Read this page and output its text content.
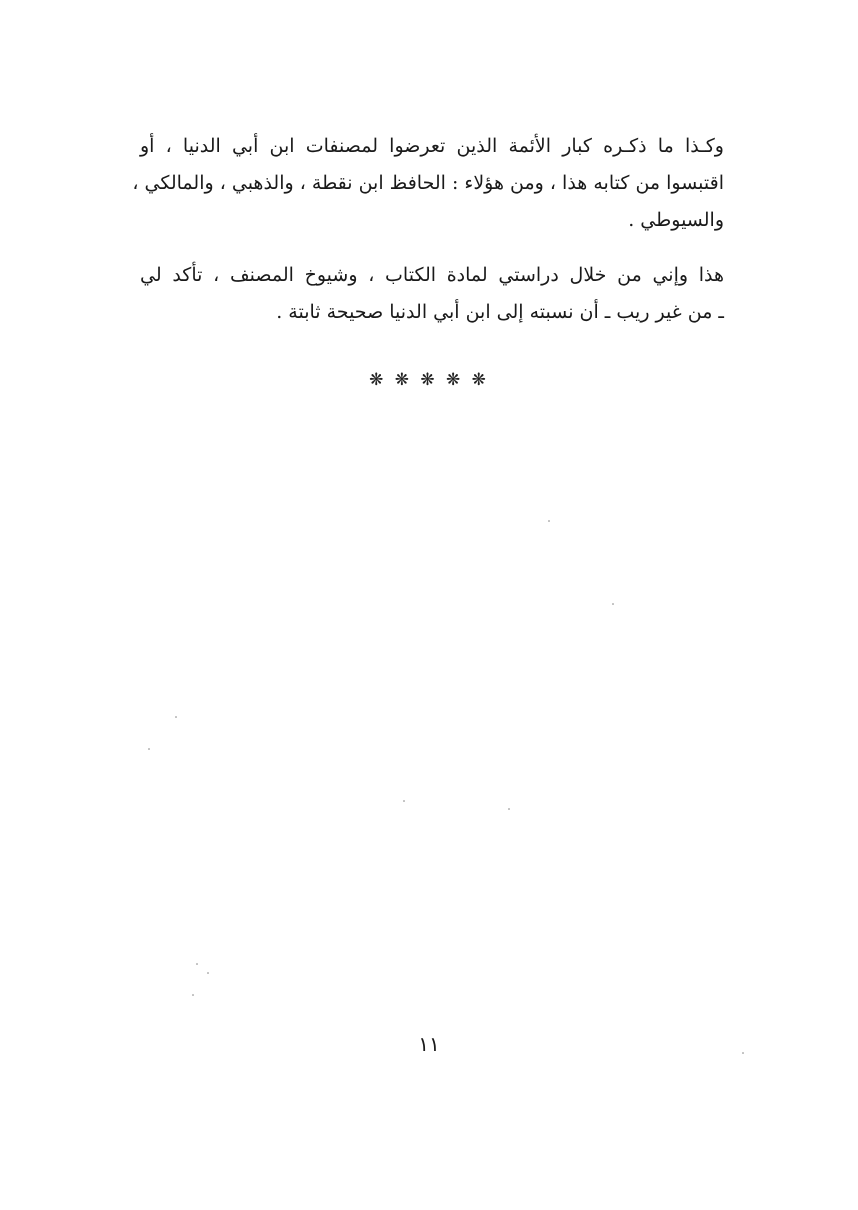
وكـذا ما ذكـره كبار الأئمة الذين تعرضوا لمصنفات ابن أبي الدنيا ، أو
اقتبسوا من كتابه هذا ، ومن هؤلاء : الحافظ ابن نقطة ، والذهبي ، والمالكي ،
والسيوطي .
هذا وإني من خلال دراستي لمادة الكتاب ، وشيوخ المصنف ، تأكد لي
ـ من غير ريب ـ أن نسبته إلى ابن أبي الدنيا صحيحة ثابتة .
❋ ❋ ❋ ❋ ❋
١١
